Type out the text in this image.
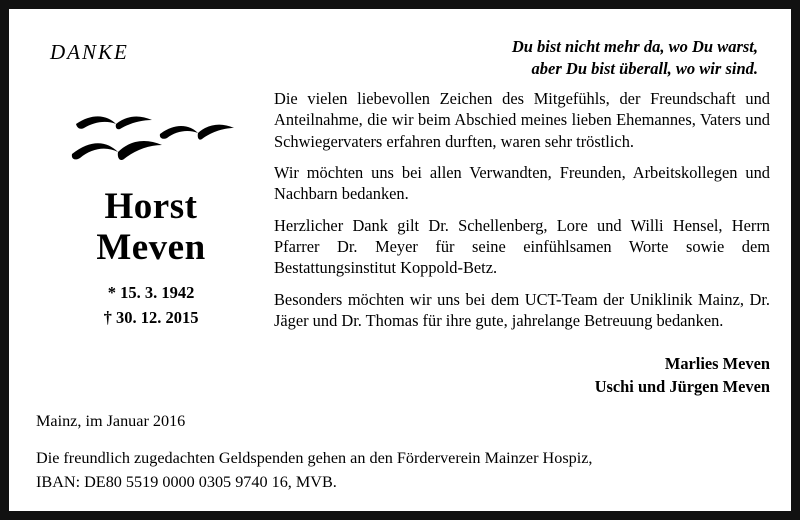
DANKE	Du bist nicht mehr da, wo Du warst,
aber Du bist überall, wo wir sind.
Horst
Meven
* 15. 3. 1942
† 30. 12. 2015

Die vielen liebevollen Zeichen des Mitgefühls, der Freundschaft und Anteilnahme, die wir beim Abschied meines lieben Ehemannes, Vaters und Schwiegervaters erfahren durften, waren sehr tröstlich.

Wir möchten uns bei allen Verwandten, Freunden, Arbeitskollegen und Nachbarn bedanken.

Herzlicher Dank gilt Dr. Schellenberg, Lore und Willi Hensel, Herrn Pfarrer Dr. Meyer für seine einfühlsamen Worte sowie dem Bestattungsinstitut Koppold-Betz.

Besonders möchten wir uns bei dem UCT-Team der Uniklinik Mainz, Dr. Jäger und Dr. Thomas für ihre gute, jahrelange Betreuung bedanken.

Marlies Meven
Uschi und Jürgen Meven
Mainz, im Januar 2016
Die freundlich zugedachten Geldspenden gehen an den Förderverein Mainzer Hospiz,
IBAN: DE80 5519 0000 0305 9740 16, MVB.
